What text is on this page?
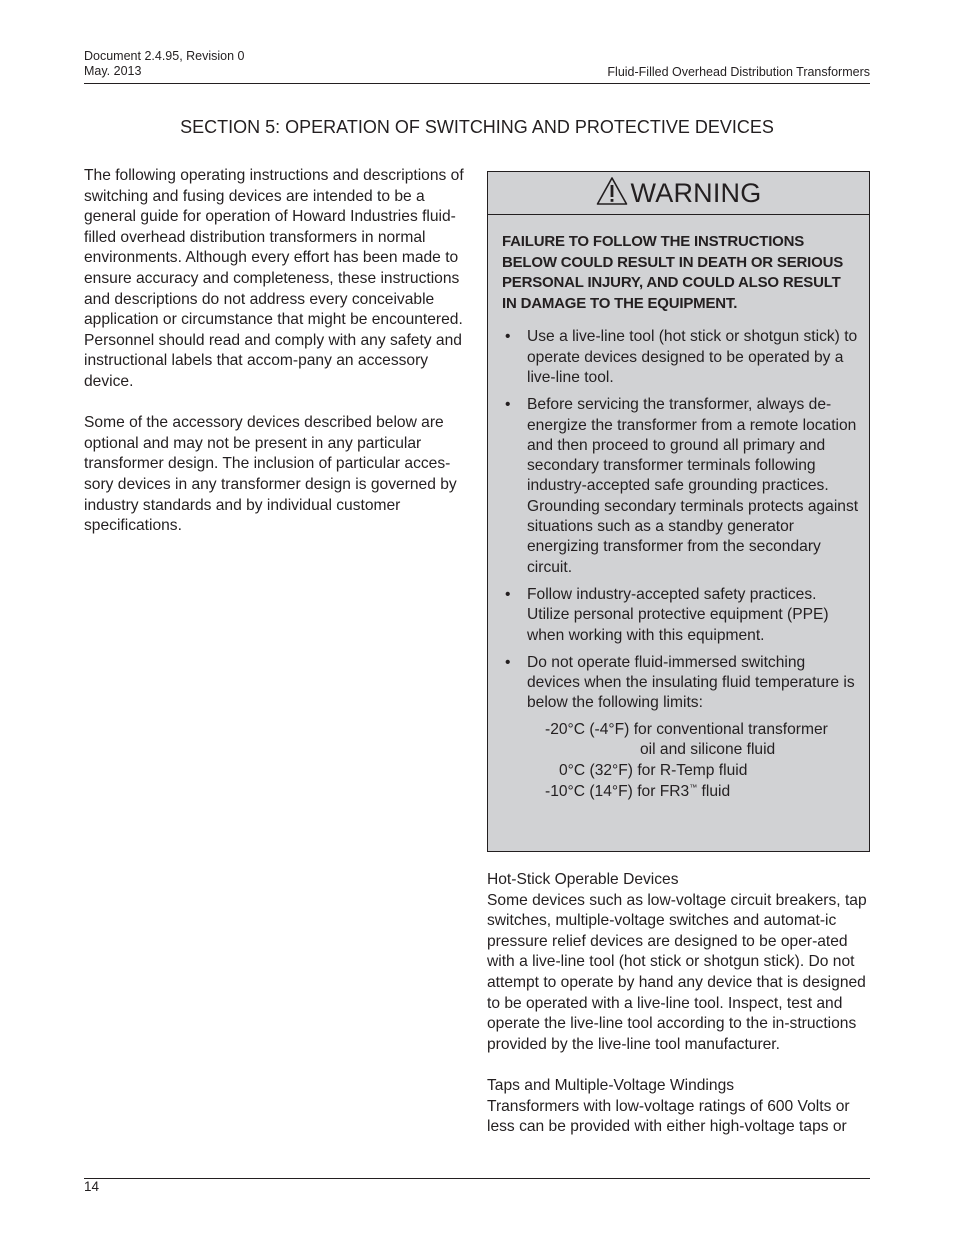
Document 2.4.95, Revision 0
May. 2013	Fluid-Filled Overhead Distribution Transformers
SECTION 5: OPERATION OF SWITCHING AND PROTECTIVE DEVICES

The following operating instructions and descriptions of switching and fusing devices are intended to be a general guide for operation of Howard Industries fluid-filled overhead distribution transformers in normal environments. Although every effort has been made to ensure accuracy and completeness, these instructions and descriptions do not address every conceivable application or circumstance that might be encountered. Personnel should read and comply with any safety and instructional labels that accom-pany an accessory device.

Some of the accessory devices described below are optional and may not be present in any particular transformer design. The inclusion of particular acces-sory devices in any transformer design is governed by industry standards and by individual customer specifications.

WARNING

FAILURE TO FOLLOW THE INSTRUCTIONS BELOW COULD RESULT IN DEATH OR SERIOUS PERSONAL INJURY, AND COULD ALSO RESULT IN DAMAGE TO THE EQUIPMENT.

• Use a live-line tool (hot stick or shotgun stick) to operate devices designed to be operated by a live-line tool.
• Before servicing the transformer, always de-energize the transformer from a remote location and then proceed to ground all primary and secondary transformer terminals following industry-accepted safe grounding practices. Grounding secondary terminals protects against situations such as a standby generator energizing transformer from the secondary circuit.
• Follow industry-accepted safety practices. Utilize personal protective equipment (PPE) when working with this equipment.
• Do not operate fluid-immersed switching devices when the insulating fluid temperature is below the following limits:
-20°C (-4°F) for conventional transformer
oil and silicone fluid
0°C (32°F) for R-Temp fluid
-10°C (14°F) for FR3™ fluid
Hot-Stick Operable Devices

Some devices such as low-voltage circuit breakers, tap switches, multiple-voltage switches and automat-ic pressure relief devices are designed to be oper-ated with a live-line tool (hot stick or shotgun stick). Do not attempt to operate by hand any device that is designed to be operated with a live-line tool. Inspect, test and operate the live-line tool according to the in-structions provided by the live-line tool manufacturer.

Taps and Multiple-Voltage Windings

Transformers with low-voltage ratings of 600 Volts or less can be provided with either high-voltage taps or

14
